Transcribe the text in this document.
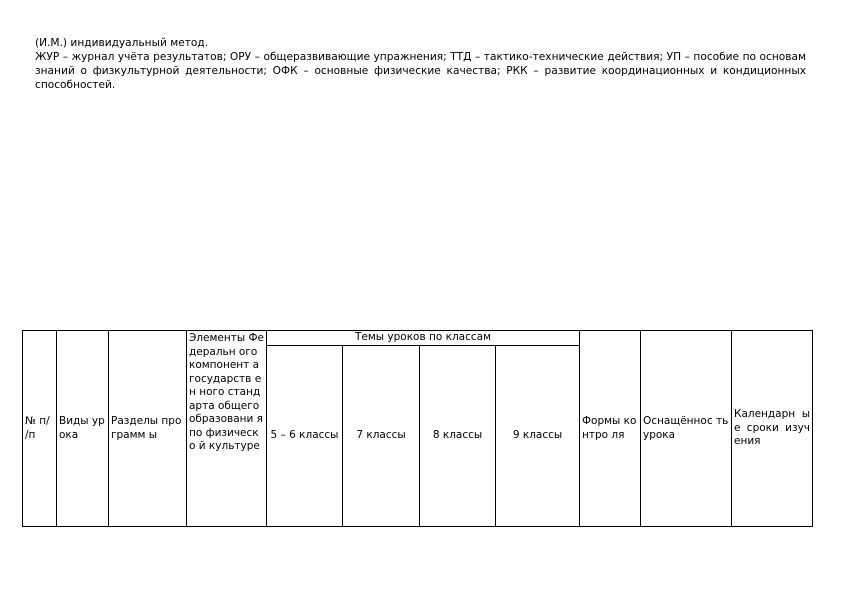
(И.М.) индивидуальный метод.

ЖУР – журнал учёта результатов; ОРУ – общеразвивающие упражнения; ТТД – тактико-технические действия; УП – пособие по основам знаний о физкультурной деятельности; ОФК – основные физические качества; РКК – развитие координационных и кондиционных способностей.

№ п/ /п	Виды урока	Разделы программ ы	Элементы Федеральн ого компонент а государств ен ного стандарта общего образовани я по физическо й культуре	Темы уроков по классам				Формы контро ля	Оснащённос ть урока	Календарн ые сроки изучения
				5 – 6 классы	7 классы	8 классы	9 классы			
